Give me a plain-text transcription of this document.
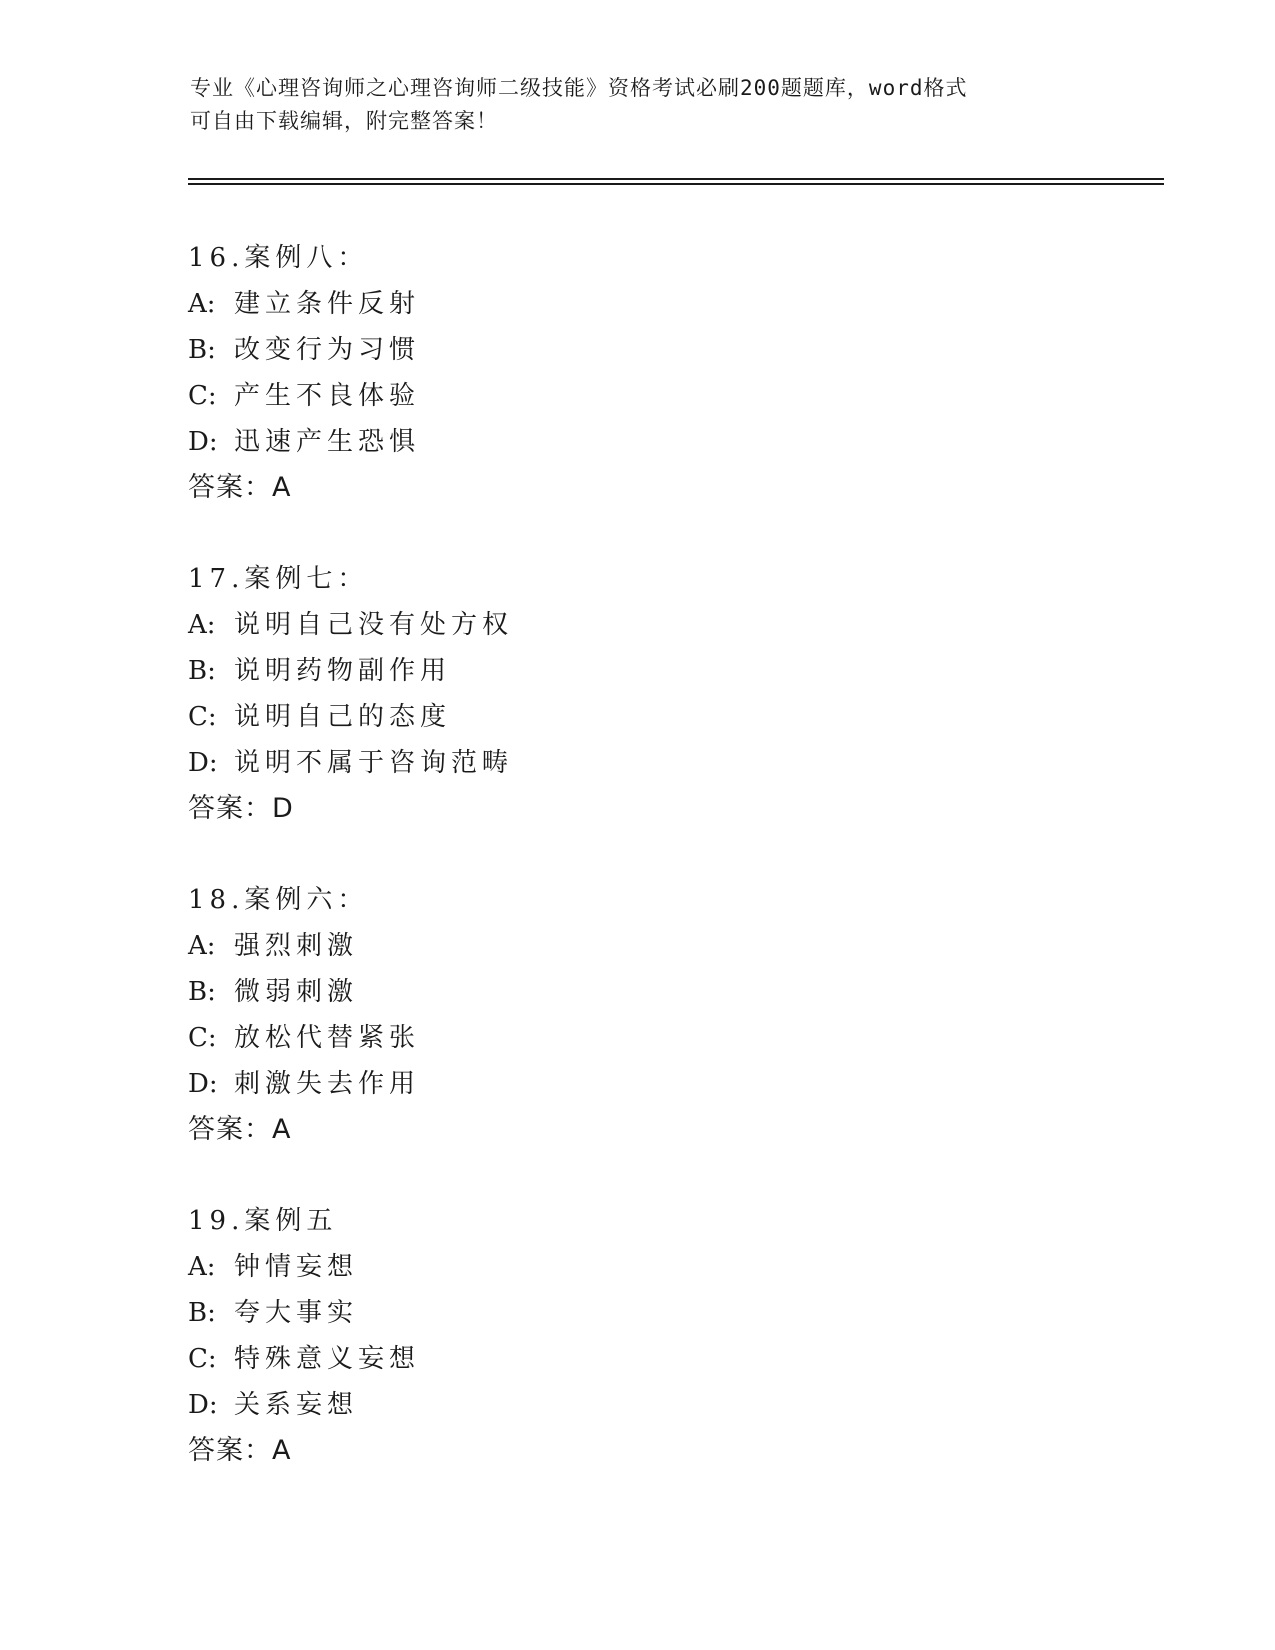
专业《心理咨询师之心理咨询师二级技能》资格考试必刷200题题库，word格式
可自由下载编辑，附完整答案！
16.案例八：
A: 建立条件反射
B: 改变行为习惯
C: 产生不良体验
D: 迅速产生恐惧
答案：A
17.案例七：
A: 说明自己没有处方权
B: 说明药物副作用
C: 说明自己的态度
D: 说明不属于咨询范畴
答案：D
18.案例六：
A: 强烈刺激
B: 微弱刺激
C: 放松代替紧张
D: 刺激失去作用
答案：A
19.案例五
A: 钟情妄想
B: 夸大事实
C: 特殊意义妄想
D: 关系妄想
答案：A
